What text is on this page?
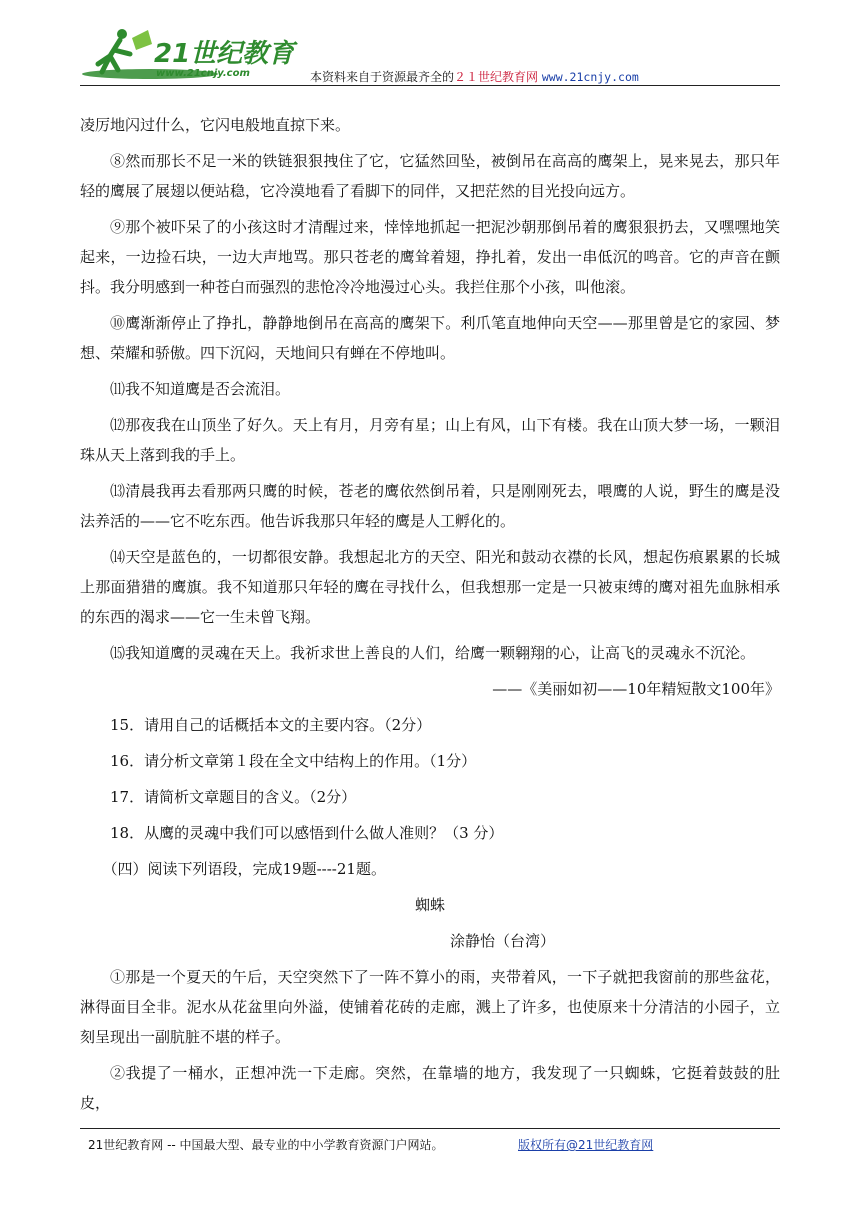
21世纪教育
www.21cnjy.com	本资料来自于资源最齐全的２１世纪教育网 www.21cnjy.com

凌厉地闪过什么，它闪电般地直掠下来。

⑧然而那长不足一米的铁链狠狠拽住了它，它猛然回坠，被倒吊在高高的鹰架上，晃来晃去，那只年轻的鹰展了展翅以便站稳，它冷漠地看了看脚下的同伴，又把茫然的目光投向远方。

⑨那个被吓呆了的小孩这时才清醒过来，悻悻地抓起一把泥沙朝那倒吊着的鹰狠狠扔去，又嘿嘿地笑起来，一边捡石块，一边大声地骂。那只苍老的鹰耸着翅，挣扎着，发出一串低沉的鸣音。它的声音在颤抖。我分明感到一种苍白而强烈的悲怆冷冷地漫过心头。我拦住那个小孩，叫他滚。

⑩鹰渐渐停止了挣扎，静静地倒吊在高高的鹰架下。利爪笔直地伸向天空——那里曾是它的家园、梦想、荣耀和骄傲。四下沉闷，天地间只有蝉在不停地叫。

⑾我不知道鹰是否会流泪。

⑿那夜我在山顶坐了好久。天上有月，月旁有星；山上有风，山下有楼。我在山顶大梦一场，一颗泪珠从天上落到我的手上。

⒀清晨我再去看那两只鹰的时候，苍老的鹰依然倒吊着，只是刚刚死去，喂鹰的人说，野生的鹰是没法养活的——它不吃东西。他告诉我那只年轻的鹰是人工孵化的。

⒁天空是蓝色的，一切都很安静。我想起北方的天空、阳光和鼓动衣襟的长风，想起伤痕累累的长城上那面猎猎的鹰旗。我不知道那只年轻的鹰在寻找什么，但我想那一定是一只被束缚的鹰对祖先血脉相承的东西的渴求——它一生未曾飞翔。

⒂我知道鹰的灵魂在天上。我祈求世上善良的人们，给鹰一颗翱翔的心，让高飞的灵魂永不沉沦。

——《美丽如初——10年精短散文100年》

15．请用自己的话概括本文的主要内容。（2分）

16．请分析文章第１段在全文中结构上的作用。（1分）

17．请简析文章题目的含义。（2分）

18．从鹰的灵魂中我们可以感悟到什么做人准则？（3 分）

（四）阅读下列语段，完成19题----21题。

蜘蛛

涂静怡（台湾）

①那是一个夏天的午后，天空突然下了一阵不算小的雨，夹带着风，一下子就把我窗前的那些盆花，淋得面目全非。泥水从花盆里向外溢，使铺着花砖的走廊，溅上了许多，也使原来十分清洁的小园子，立刻呈现出一副肮脏不堪的样子。

②我提了一桶水，正想冲洗一下走廊。突然，在靠墙的地方，我发现了一只蜘蛛，它挺着鼓鼓的肚皮，

21世纪教育网 -- 中国最大型、最专业的中小学教育资源门户网站。	版权所有@21世纪教育网
